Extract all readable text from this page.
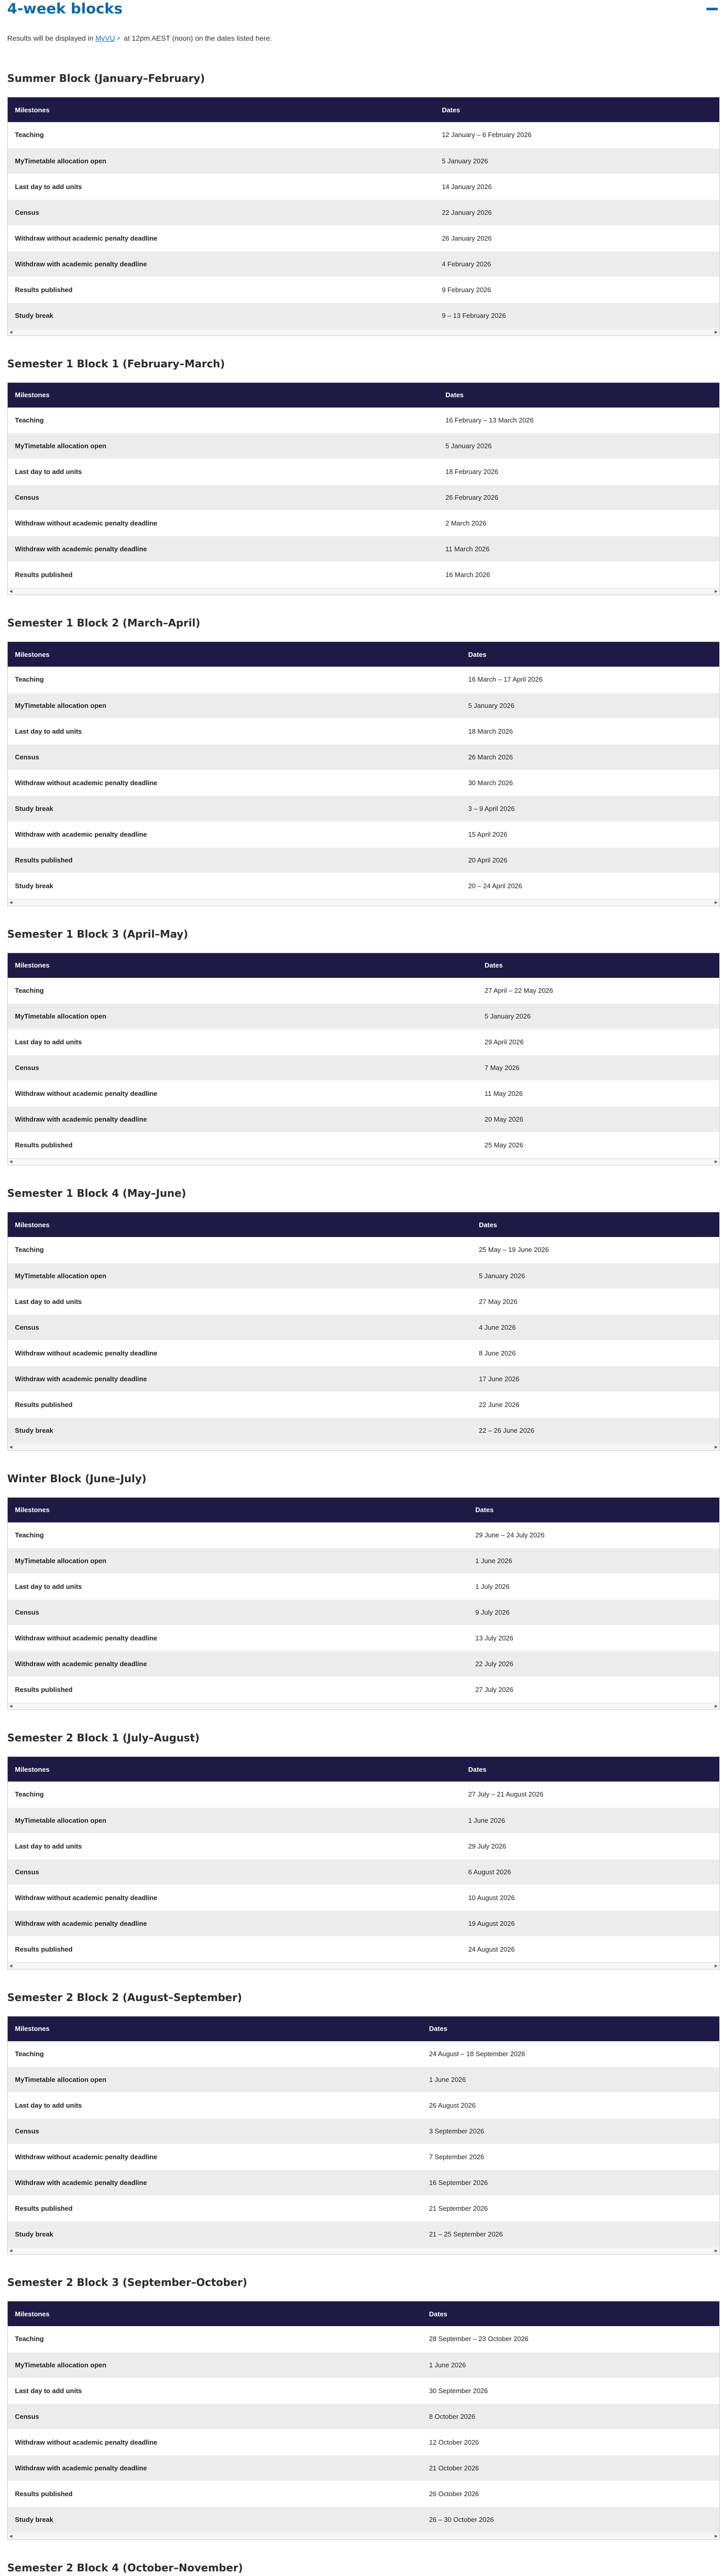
4-week blocks
Results will be displayed in MyVU↗ at 12pm AEST (noon) on the dates listed here.
Summer Block (January–February)
Milestones	Dates
Teaching	12 January – 6 February 2026
MyTimetable allocation open	5 January 2026
Last day to add units	14 January 2026
Census	22 January 2026
Withdraw without academic penalty deadline	26 January 2026
Withdraw with academic penalty deadline	4 February 2026
Results published	9 February 2026
Study break	9 – 13 February 2026
◀	▶
Semester 1 Block 1 (February–March)
Milestones	Dates
Teaching	16 February – 13 March 2026
MyTimetable allocation open	5 January 2026
Last day to add units	18 February 2026
Census	26 February 2026
Withdraw without academic penalty deadline	2 March 2026
Withdraw with academic penalty deadline	11 March 2026
Results published	16 March 2026
◀	▶
Semester 1 Block 2 (March–April)
Milestones	Dates
Teaching	16 March – 17 April 2026
MyTimetable allocation open	5 January 2026
Last day to add units	18 March 2026
Census	26 March 2026
Withdraw without academic penalty deadline	30 March 2026
Study break	3 – 9 April 2026
Withdraw with academic penalty deadline	15 April 2026
Results published	20 April 2026
Study break	20 – 24 April 2026
◀	▶
Semester 1 Block 3 (April–May)
Milestones	Dates
Teaching	27 April – 22 May 2026
MyTimetable allocation open	5 January 2026
Last day to add units	29 April 2026
Census	7 May 2026
Withdraw without academic penalty deadline	11 May 2026
Withdraw with academic penalty deadline	20 May 2026
Results published	25 May 2026
◀	▶
Semester 1 Block 4 (May–June)
Milestones	Dates
Teaching	25 May – 19 June 2026
MyTimetable allocation open	5 January 2026
Last day to add units	27 May 2026
Census	4 June 2026
Withdraw without academic penalty deadline	8 June 2026
Withdraw with academic penalty deadline	17 June 2026
Results published	22 June 2026
Study break	22 – 26 June 2026
◀	▶
Winter Block (June–July)
Milestones	Dates
Teaching	29 June – 24 July 2026
MyTimetable allocation open	1 June 2026
Last day to add units	1 July 2026
Census	9 July 2026
Withdraw without academic penalty deadline	13 July 2026
Withdraw with academic penalty deadline	22 July 2026
Results published	27 July 2026
◀	▶
Semester 2 Block 1 (July–August)
Milestones	Dates
Teaching	27 July – 21 August 2026
MyTimetable allocation open	1 June 2026
Last day to add units	29 July 2026
Census	6 August 2026
Withdraw without academic penalty deadline	10 August 2026
Withdraw with academic penalty deadline	19 August 2026
Results published	24 August 2026
◀	▶
Semester 2 Block 2 (August–September)
Milestones	Dates
Teaching	24 August – 18 September 2026
MyTimetable allocation open	1 June 2026
Last day to add units	26 August 2026
Census	3 September 2026
Withdraw without academic penalty deadline	7 September 2026
Withdraw with academic penalty deadline	16 September 2026
Results published	21 September 2026
Study break	21 – 25 September 2026
◀	▶
Semester 2 Block 3 (September–October)
Milestones	Dates
Teaching	28 September – 23 October 2026
MyTimetable allocation open	1 June 2026
Last day to add units	30 September 2026
Census	8 October 2026
Withdraw without academic penalty deadline	12 October 2026
Withdraw with academic penalty deadline	21 October 2026
Results published	26 October 2026
Study break	26 – 30 October 2026
◀	▶
Semester 2 Block 4 (October–November)
